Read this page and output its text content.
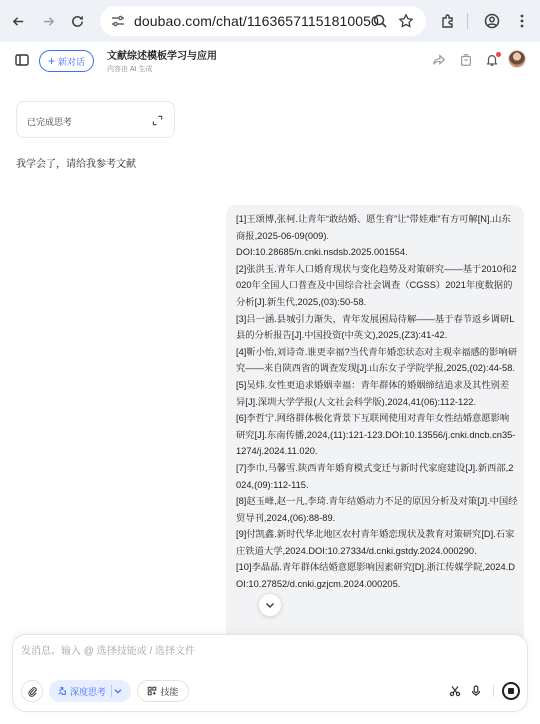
doubao.com/chat/11636571151810050
+ 新对话 文献综述模板学习与应用
内容由 AI 生成
已完成思考
我学会了，请给我参考文献
[1]王颂博,张柯.让青年“敢结婚、愿生育”让“带娃难”有方可解[N].山东商报,2025-06-09(009).
DOI:10.28685/n.cnki.nsdsb.2025.001554.
[2]张洪玉.青年人口婚育现状与变化趋势及对策研究——基于2010和2020年全国人口普查及中国综合社会调查（CGSS）2021年度数据的分析[J].新生代,2025,(03):50-58.
[3]吕一涵.县城引力渐失，青年发展困局待解——基于春节返乡调研L县的分析报告[J].中国投资(中英文),2025,(Z3):41-42.
[4]靳小怡,刘诗奇.谁更幸福?当代青年婚恋状态对主观幸福感的影响研究——来自陕西省的调查发现[J].山东女子学院学报,2025,(02):44-58.
[5]吴炜.女性更追求婚姻幸福：青年群体的婚姻缔结追求及其性别差异[J].深圳大学学报(人文社会科学版),2024,41(06):112-122.
[6]李哲宁.网络群体极化背景下互联网使用对青年女性结婚意愿影响研究[J].东南传播,2024,(11):121-123.DOI:10.13556/j.cnki.dncb.cn35-1274/j.2024.11.020.
[7]李巾,马馨雪.陕西青年婚育模式变迁与新时代家庭建设[J].新西部,2024,(09):112-115.
[8]赵玉峰,赵一凡,李琦.青年结婚动力不足的原因分析及对策[J].中国经贸导刊,2024,(06):88-89.
[9]付凯鑫.新时代华北地区农村青年婚恋现状及教育对策研究[D].石家庄铁道大学,2024.DOI:10.27334/d.cnki.gstdy.2024.000290.
[10]李晶晶.青年群体结婚意愿影响因素研究[D].浙江传媒学院,2024.DOI:10.27852/d.cnki.gzjcm.2024.000205.
发消息、输入 @ 选择技能或 / 选择文件
深度思考	技能
